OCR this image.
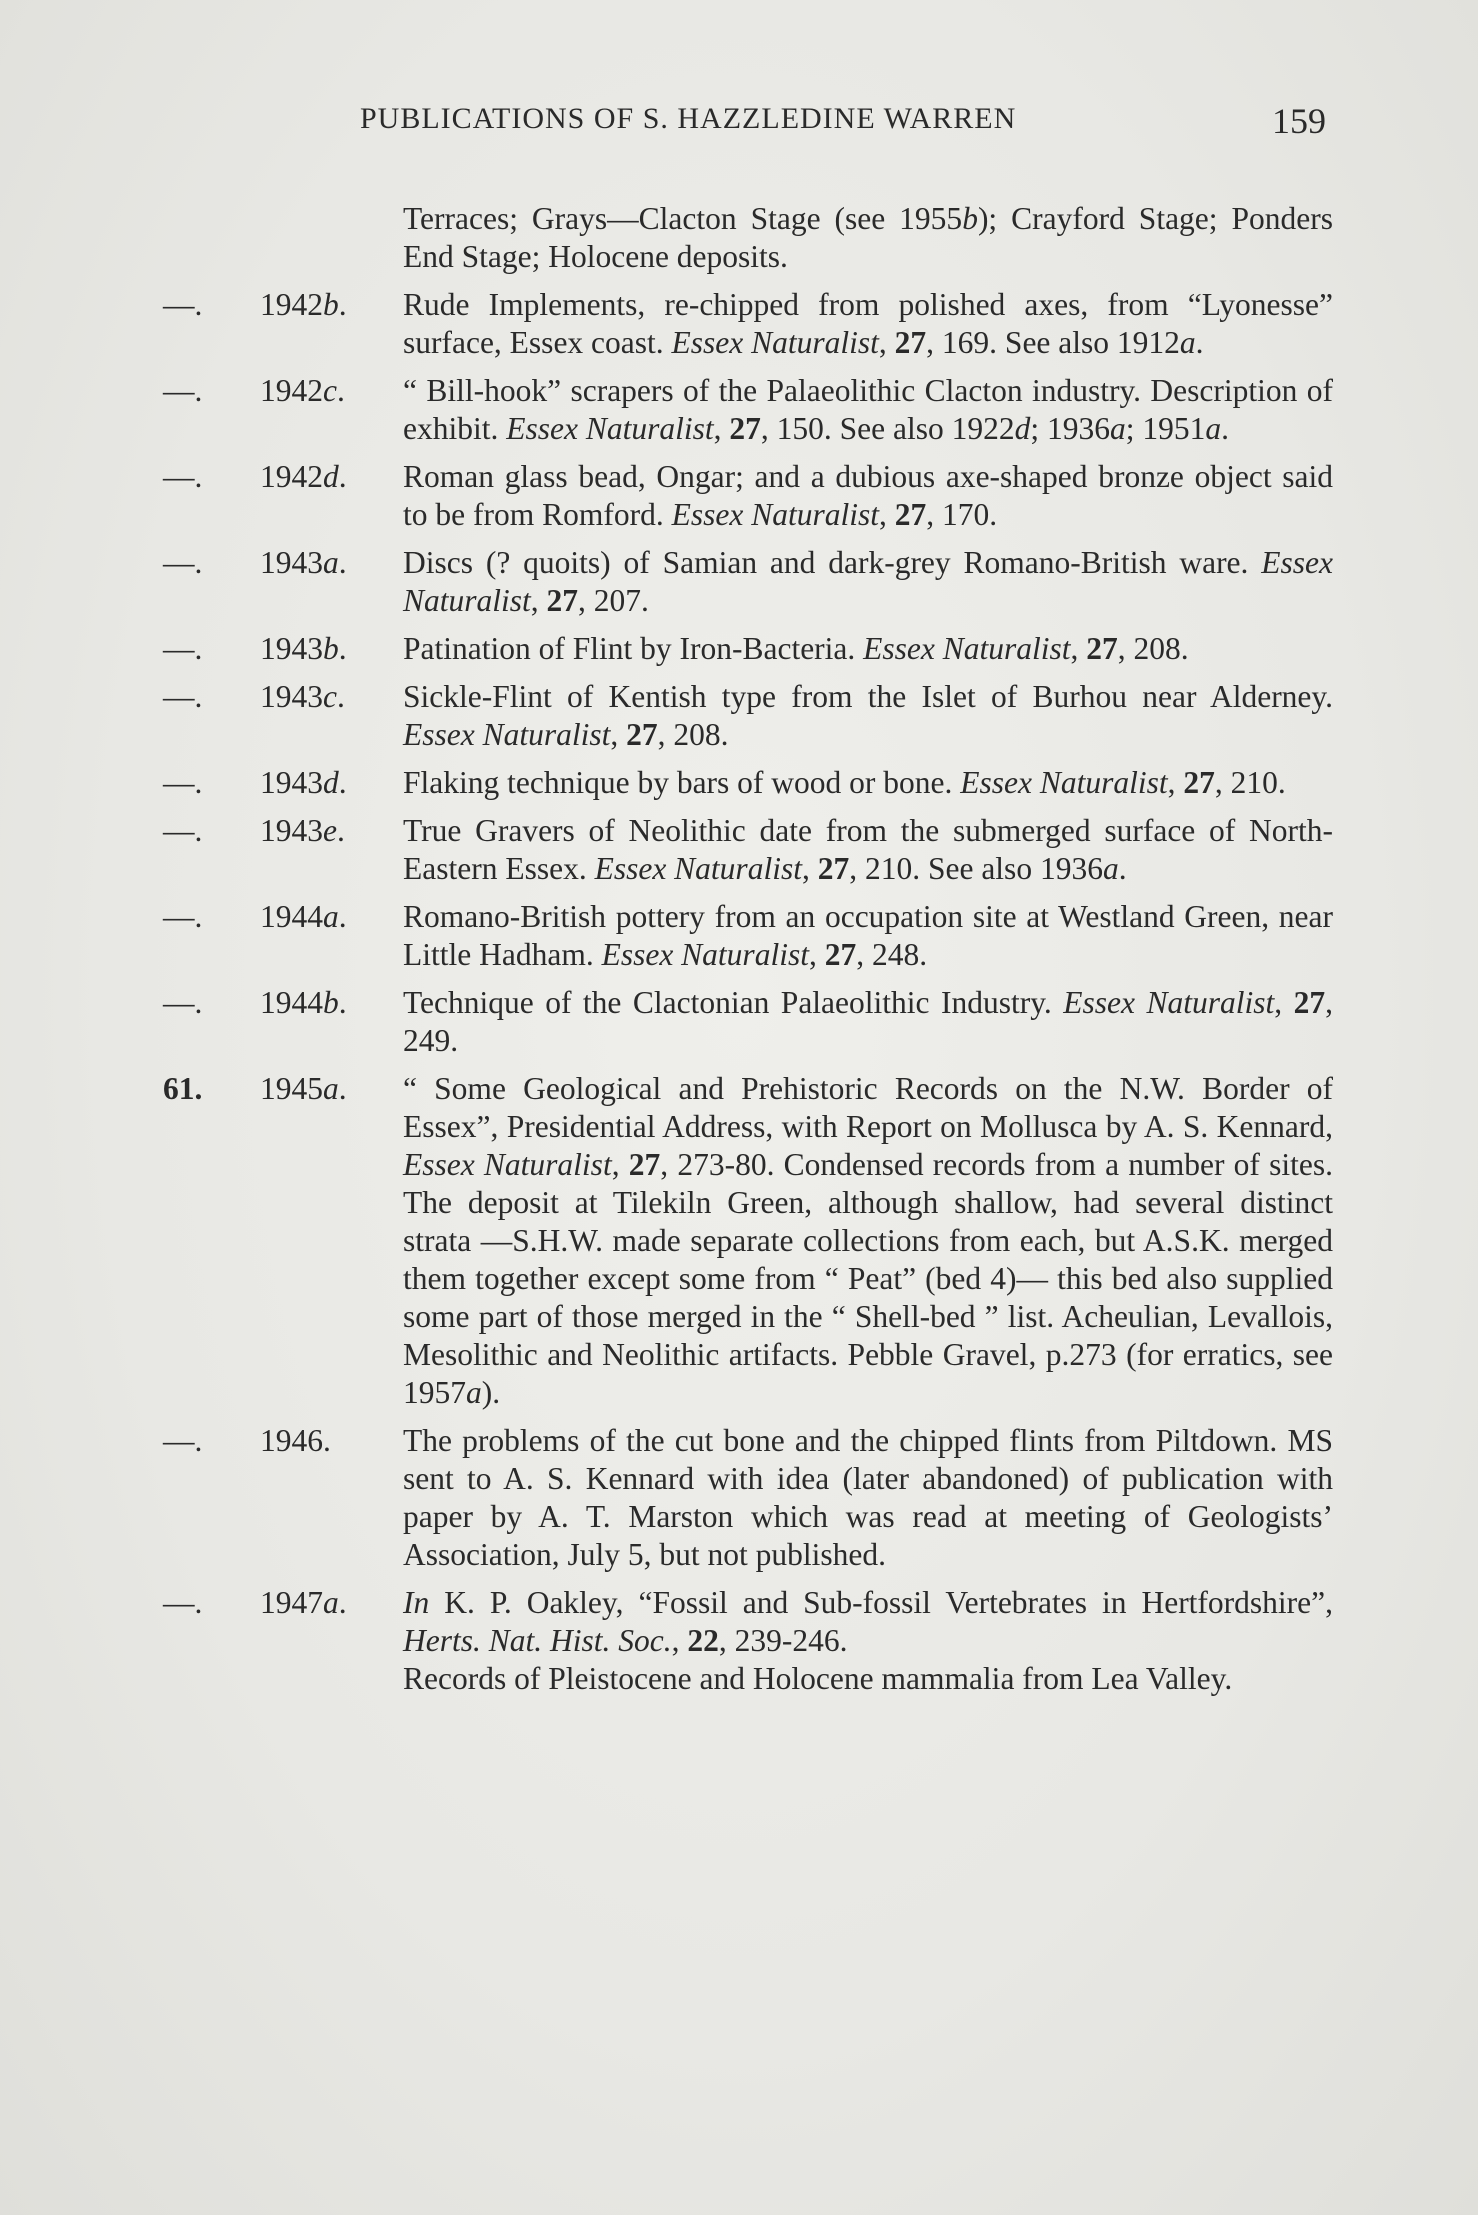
PUBLICATIONS OF S. HAZZLEDINE WARREN	159
Terraces; Grays—Clacton Stage (see 1955b); Crayford Stage; Ponders End Stage; Holocene deposits.
—. 1942b. Rude Implements, re-chipped from polished axes, from “Lyonesse” surface, Essex coast. Essex Naturalist, 27, 169. See also 1912a.

—. 1942c. “ Bill-hook” scrapers of the Palaeolithic Clacton industry. Description of exhibit. Essex Naturalist, 27, 150. See also 1922d; 1936a; 1951a.

—. 1942d. Roman glass bead, Ongar; and a dubious axe-shaped bronze object said to be from Romford. Essex Naturalist, 27, 170.

—. 1943a. Discs (? quoits) of Samian and dark-grey Romano-British ware. Essex Naturalist, 27, 207.

—. 1943b. Patination of Flint by Iron-Bacteria. Essex Naturalist, 27, 208.

—. 1943c. Sickle-Flint of Kentish type from the Islet of Burhou near Alderney. Essex Naturalist, 27, 208.

—. 1943d. Flaking technique by bars of wood or bone. Essex Naturalist, 27, 210.

—. 1943e. True Gravers of Neolithic date from the submerged surface of North-Eastern Essex. Essex Naturalist, 27, 210. See also 1936a.

—. 1944a. Romano-British pottery from an occupation site at Westland Green, near Little Hadham. Essex Naturalist, 27, 248.

—. 1944b. Technique of the Clactonian Palaeolithic Industry. Essex Naturalist, 27, 249.

61. 1945a. “ Some Geological and Prehistoric Records on the N.W. Border of Essex”, Presidential Address, with Report on Mollusca by A. S. Kennard, Essex Naturalist, 27, 273-80. Condensed records from a number of sites. The deposit at Tilekiln Green, although shallow, had several distinct strata —S.H.W. made separate collections from each, but A.S.K. merged them together except some from “ Peat” (bed 4)— this bed also supplied some part of those merged in the “ Shell-bed ” list. Acheulian, Levallois, Mesolithic and Neolithic artifacts. Pebble Gravel, p.273 (for erratics, see 1957a).

—. 1946. The problems of the cut bone and the chipped flints from Piltdown. MS sent to A. S. Kennard with idea (later abandoned) of publication with paper by A. T. Marston which was read at meeting of Geologists’ Association, July 5, but not published.

—. 1947a. In K. P. Oakley, “Fossil and Sub-fossil Vertebrates in Hertfordshire”, Herts. Nat. Hist. Soc., 22, 239-246.

Records of Pleistocene and Holocene mammalia from Lea Valley.
